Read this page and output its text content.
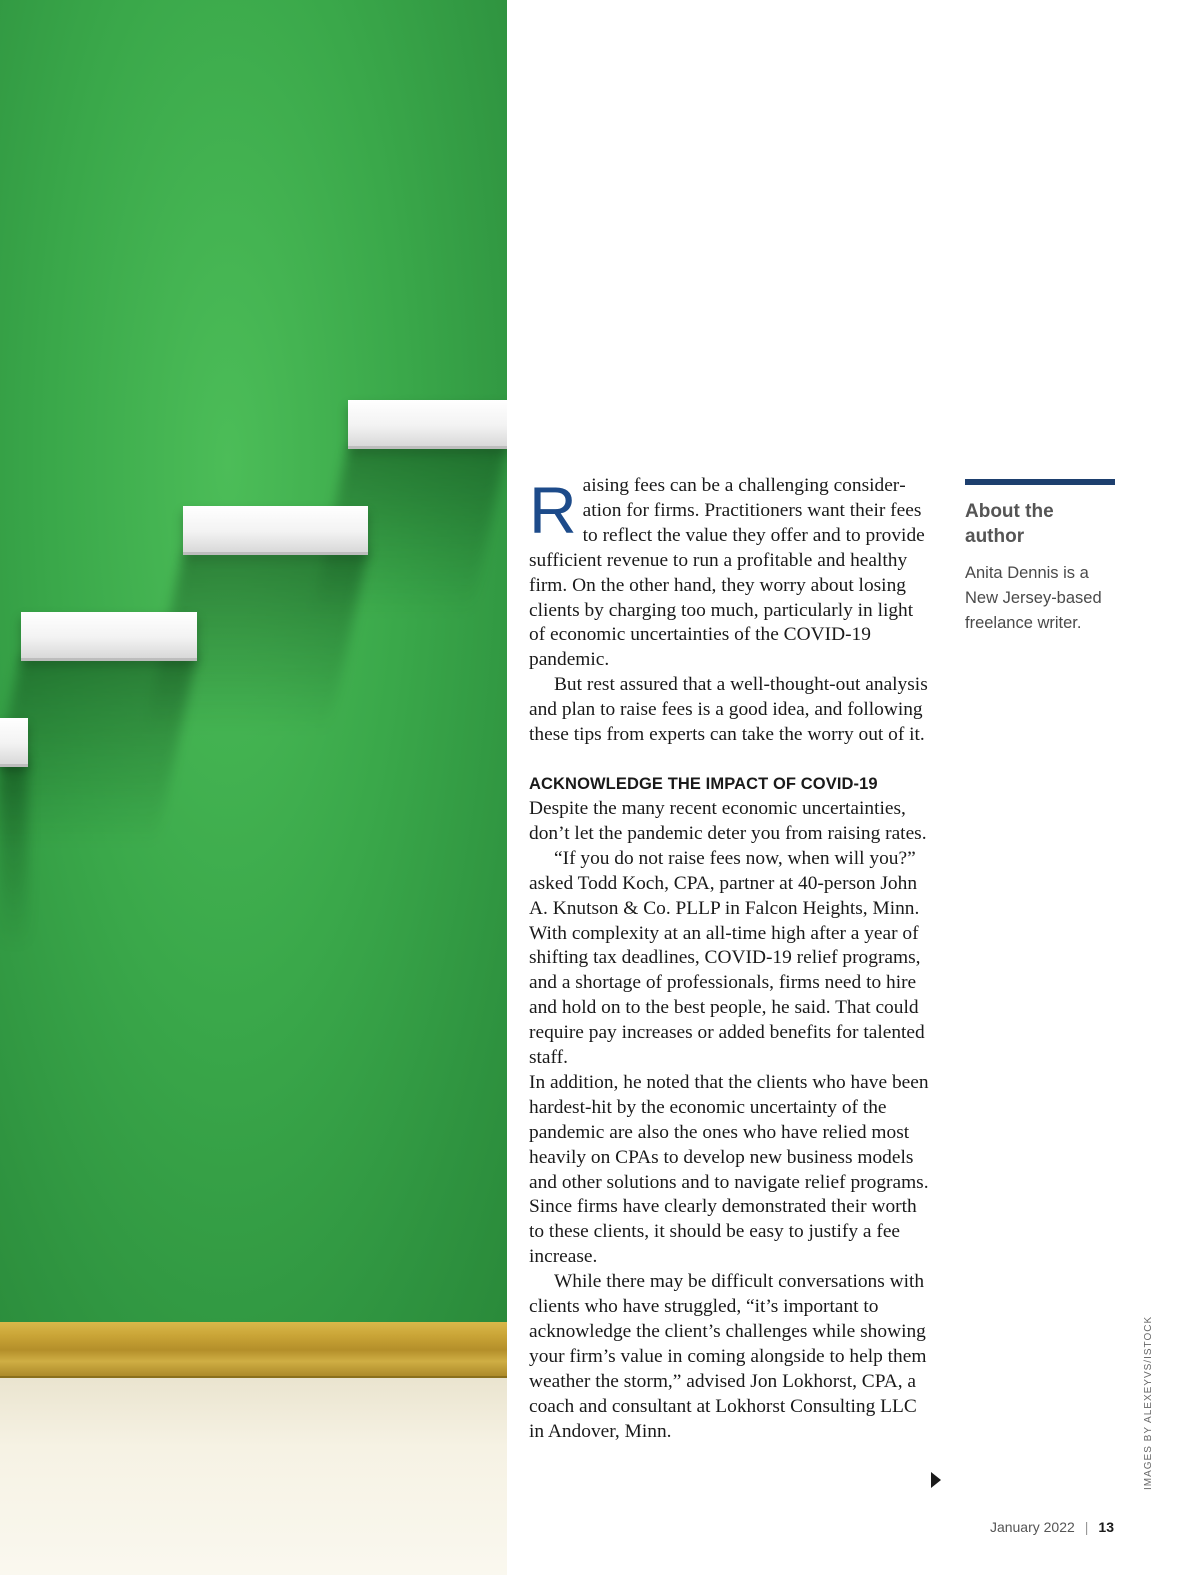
Raising fees can be a challenging consideration for firms. Practitioners want their fees to reflect the value they offer and to provide sufficient revenue to run a profitable and healthy firm. On the other hand, they worry about losing clients by charging too much, particularly in light of economic uncertainties of the COVID-19 pandemic.

But rest assured that a well-thought-out analysis and plan to raise fees is a good idea, and following these tips from experts can take the worry out of it.

ACKNOWLEDGE THE IMPACT OF COVID-19

Despite the many recent economic uncertainties, don’t let the pandemic deter you from raising rates.

“If you do not raise fees now, when will you?” asked Todd Koch, CPA, partner at 40-person John A. Knutson & Co. PLLP in Falcon Heights, Minn. With complexity at an all-time high after a year of shifting tax deadlines, COVID-19 relief programs, and a shortage of professionals, firms need to hire and hold on to the best people, he said. That could require pay increases or added benefits for talented staff.

In addition, he noted that the clients who have been hardest-hit by the economic uncertainty of the pandemic are also the ones who have relied most heavily on CPAs to develop new business models and other solutions and to navigate relief programs. Since firms have clearly demonstrated their worth to these clients, it should be easy to justify a fee increase.

While there may be difficult conversations with clients who have struggled, “it’s important to acknowledge the client’s challenges while showing your firm’s value in coming alongside to help them weather the storm,” advised Jon Lokhorst, CPA, a coach and consultant at Lokhorst Consulting LLC in Andover, Minn.

About the author
Anita Dennis is a New Jersey-based freelance writer.
IMAGES BY ALEXEYVS/ISTOCK
January 2022 | 13
